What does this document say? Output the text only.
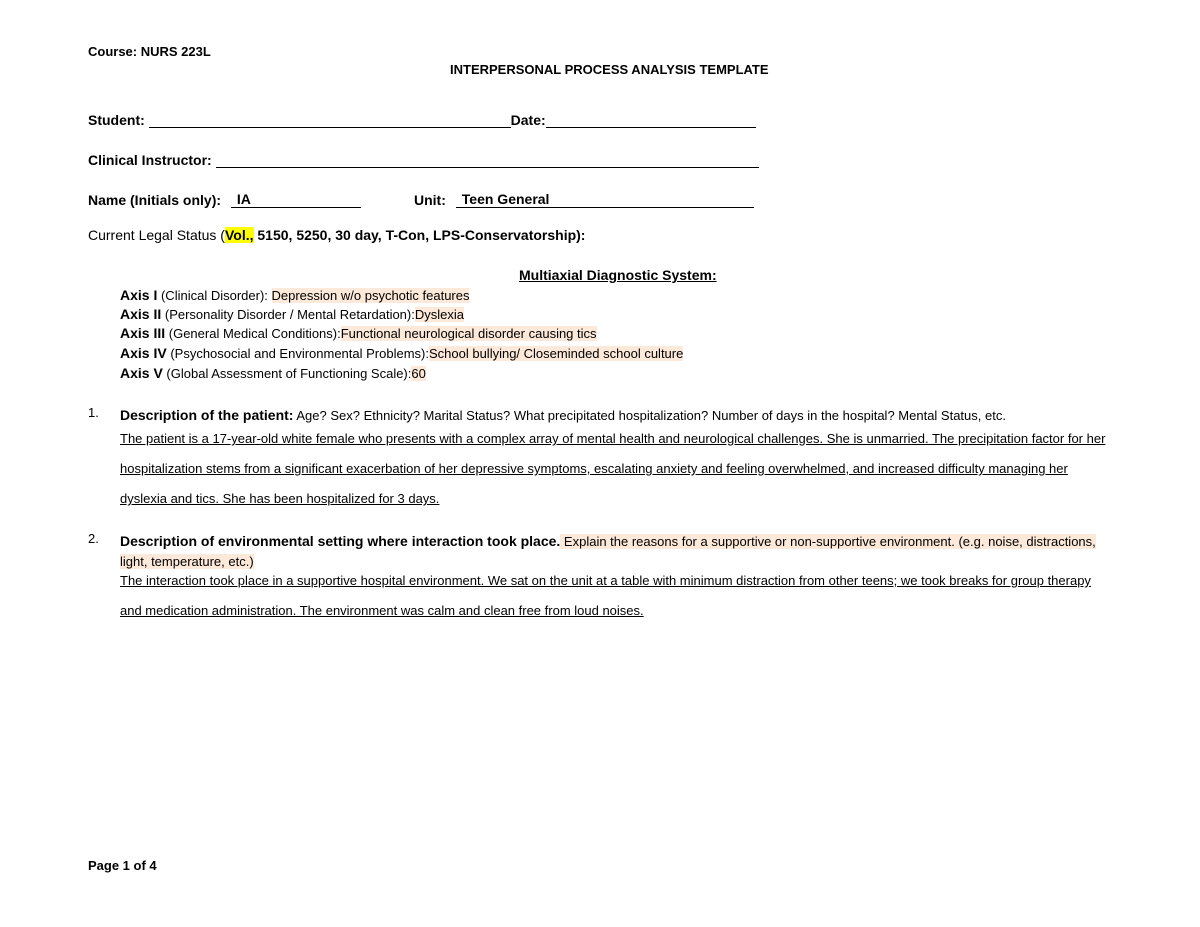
Course: NURS 223L
INTERPERSONAL PROCESS ANALYSIS TEMPLATE
Student:	Date:
Clinical Instructor:
Name (Initials only): IA	Unit: Teen General
Current Legal Status (Vol., 5150, 5250, 30 day, T-Con, LPS-Conservatorship):
Multiaxial Diagnostic System:
Axis I (Clinical Disorder): Depression w/o psychotic features
Axis II (Personality Disorder / Mental Retardation):Dyslexia
Axis III (General Medical Conditions):Functional neurological disorder causing tics
Axis IV (Psychosocial and Environmental Problems):School bullying/ Closeminded school culture
Axis V (Global Assessment of Functioning Scale):60
1. Description of the patient: Age? Sex? Ethnicity? Marital Status? What precipitated hospitalization? Number of days in the hospital? Mental Status, etc.
The patient is a 17-year-old white female who presents with a complex array of mental health and neurological challenges. She is unmarried. The precipitation factor for her hospitalization stems from a significant exacerbation of her depressive symptoms, escalating anxiety and feeling overwhelmed, and increased difficulty managing her dyslexia and tics. She has been hospitalized for 3 days.
2. Description of environmental setting where interaction took place. Explain the reasons for a supportive or non-supportive environment. (e.g. noise, distractions, light, temperature, etc.)
The interaction took place in a supportive hospital environment. We sat on the unit at a table with minimum distraction from other teens; we took breaks for group therapy and medication administration. The environment was calm and clean free from loud noises.
Page 1 of 4
